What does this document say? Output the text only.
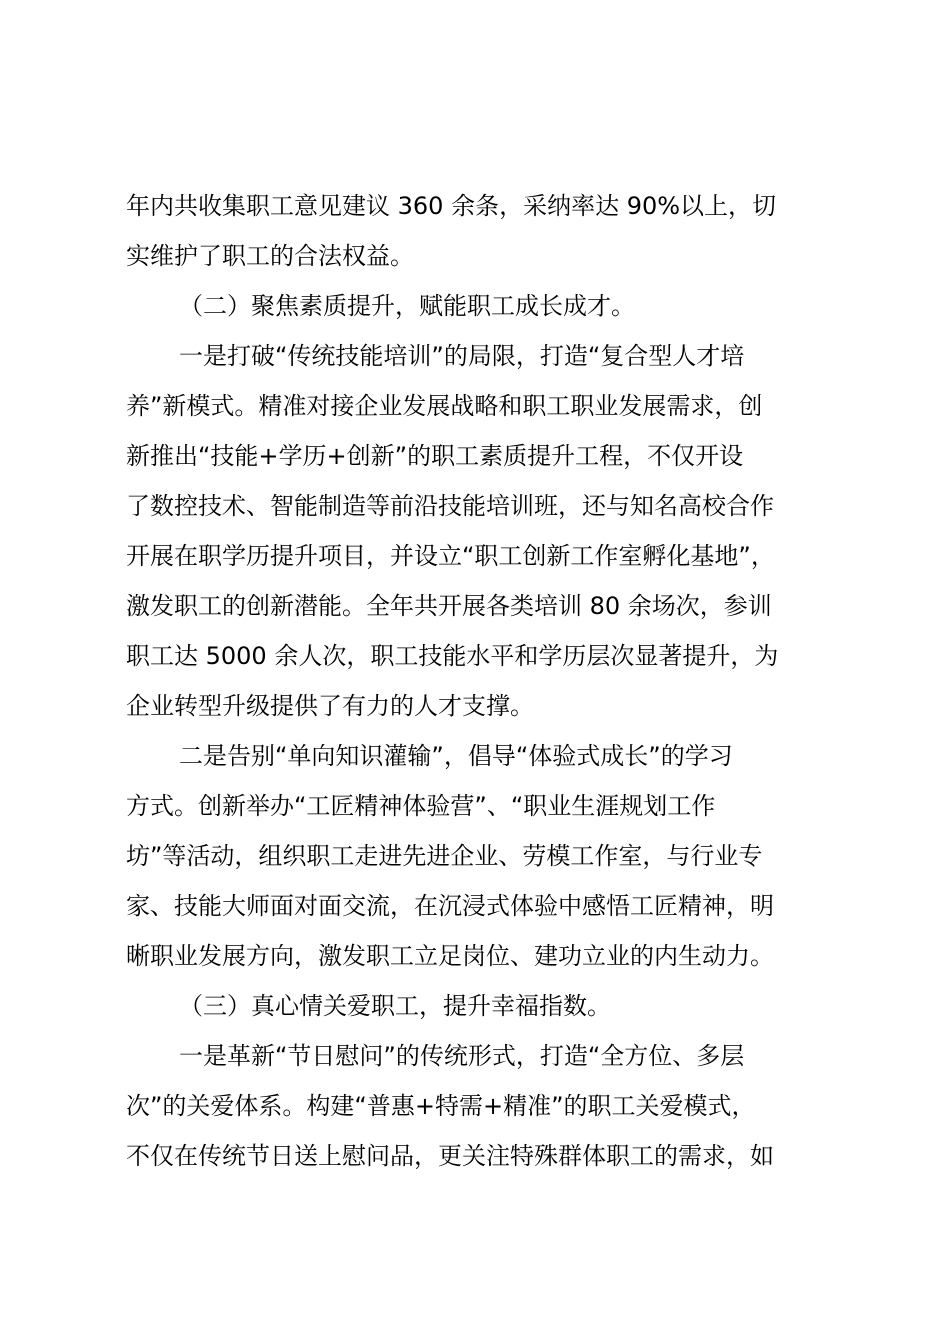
年内共收集职工意见建议 360 余条，采纳率达 90%以上，切
实维护了职工的合法权益。
（二）聚焦素质提升，赋能职工成长成才。
一是打破“传统技能培训”的局限，打造“复合型人才培
养”新模式。精准对接企业发展战略和职工职业发展需求，创
新推出“技能+学历+创新”的职工素质提升工程，不仅开设
了数控技术、智能制造等前沿技能培训班，还与知名高校合作
开展在职学历提升项目，并设立“职工创新工作室孵化基地”，
激发职工的创新潜能。全年共开展各类培训 80 余场次，参训
职工达 5000 余人次，职工技能水平和学历层次显著提升，为
企业转型升级提供了有力的人才支撑。
二是告别“单向知识灌输”，倡导“体验式成长”的学习
方式。创新举办“工匠精神体验营”、“职业生涯规划工作
坊”等活动，组织职工走进先进企业、劳模工作室，与行业专
家、技能大师面对面交流，在沉浸式体验中感悟工匠精神，明
晰职业发展方向，激发职工立足岗位、建功立业的内生动力。
（三）真心情关爱职工，提升幸福指数。
一是革新“节日慰问”的传统形式，打造“全方位、多层
次”的关爱体系。构建“普惠+特需+精准”的职工关爱模式，
不仅在传统节日送上慰问品，更关注特殊群体职工的需求，如
